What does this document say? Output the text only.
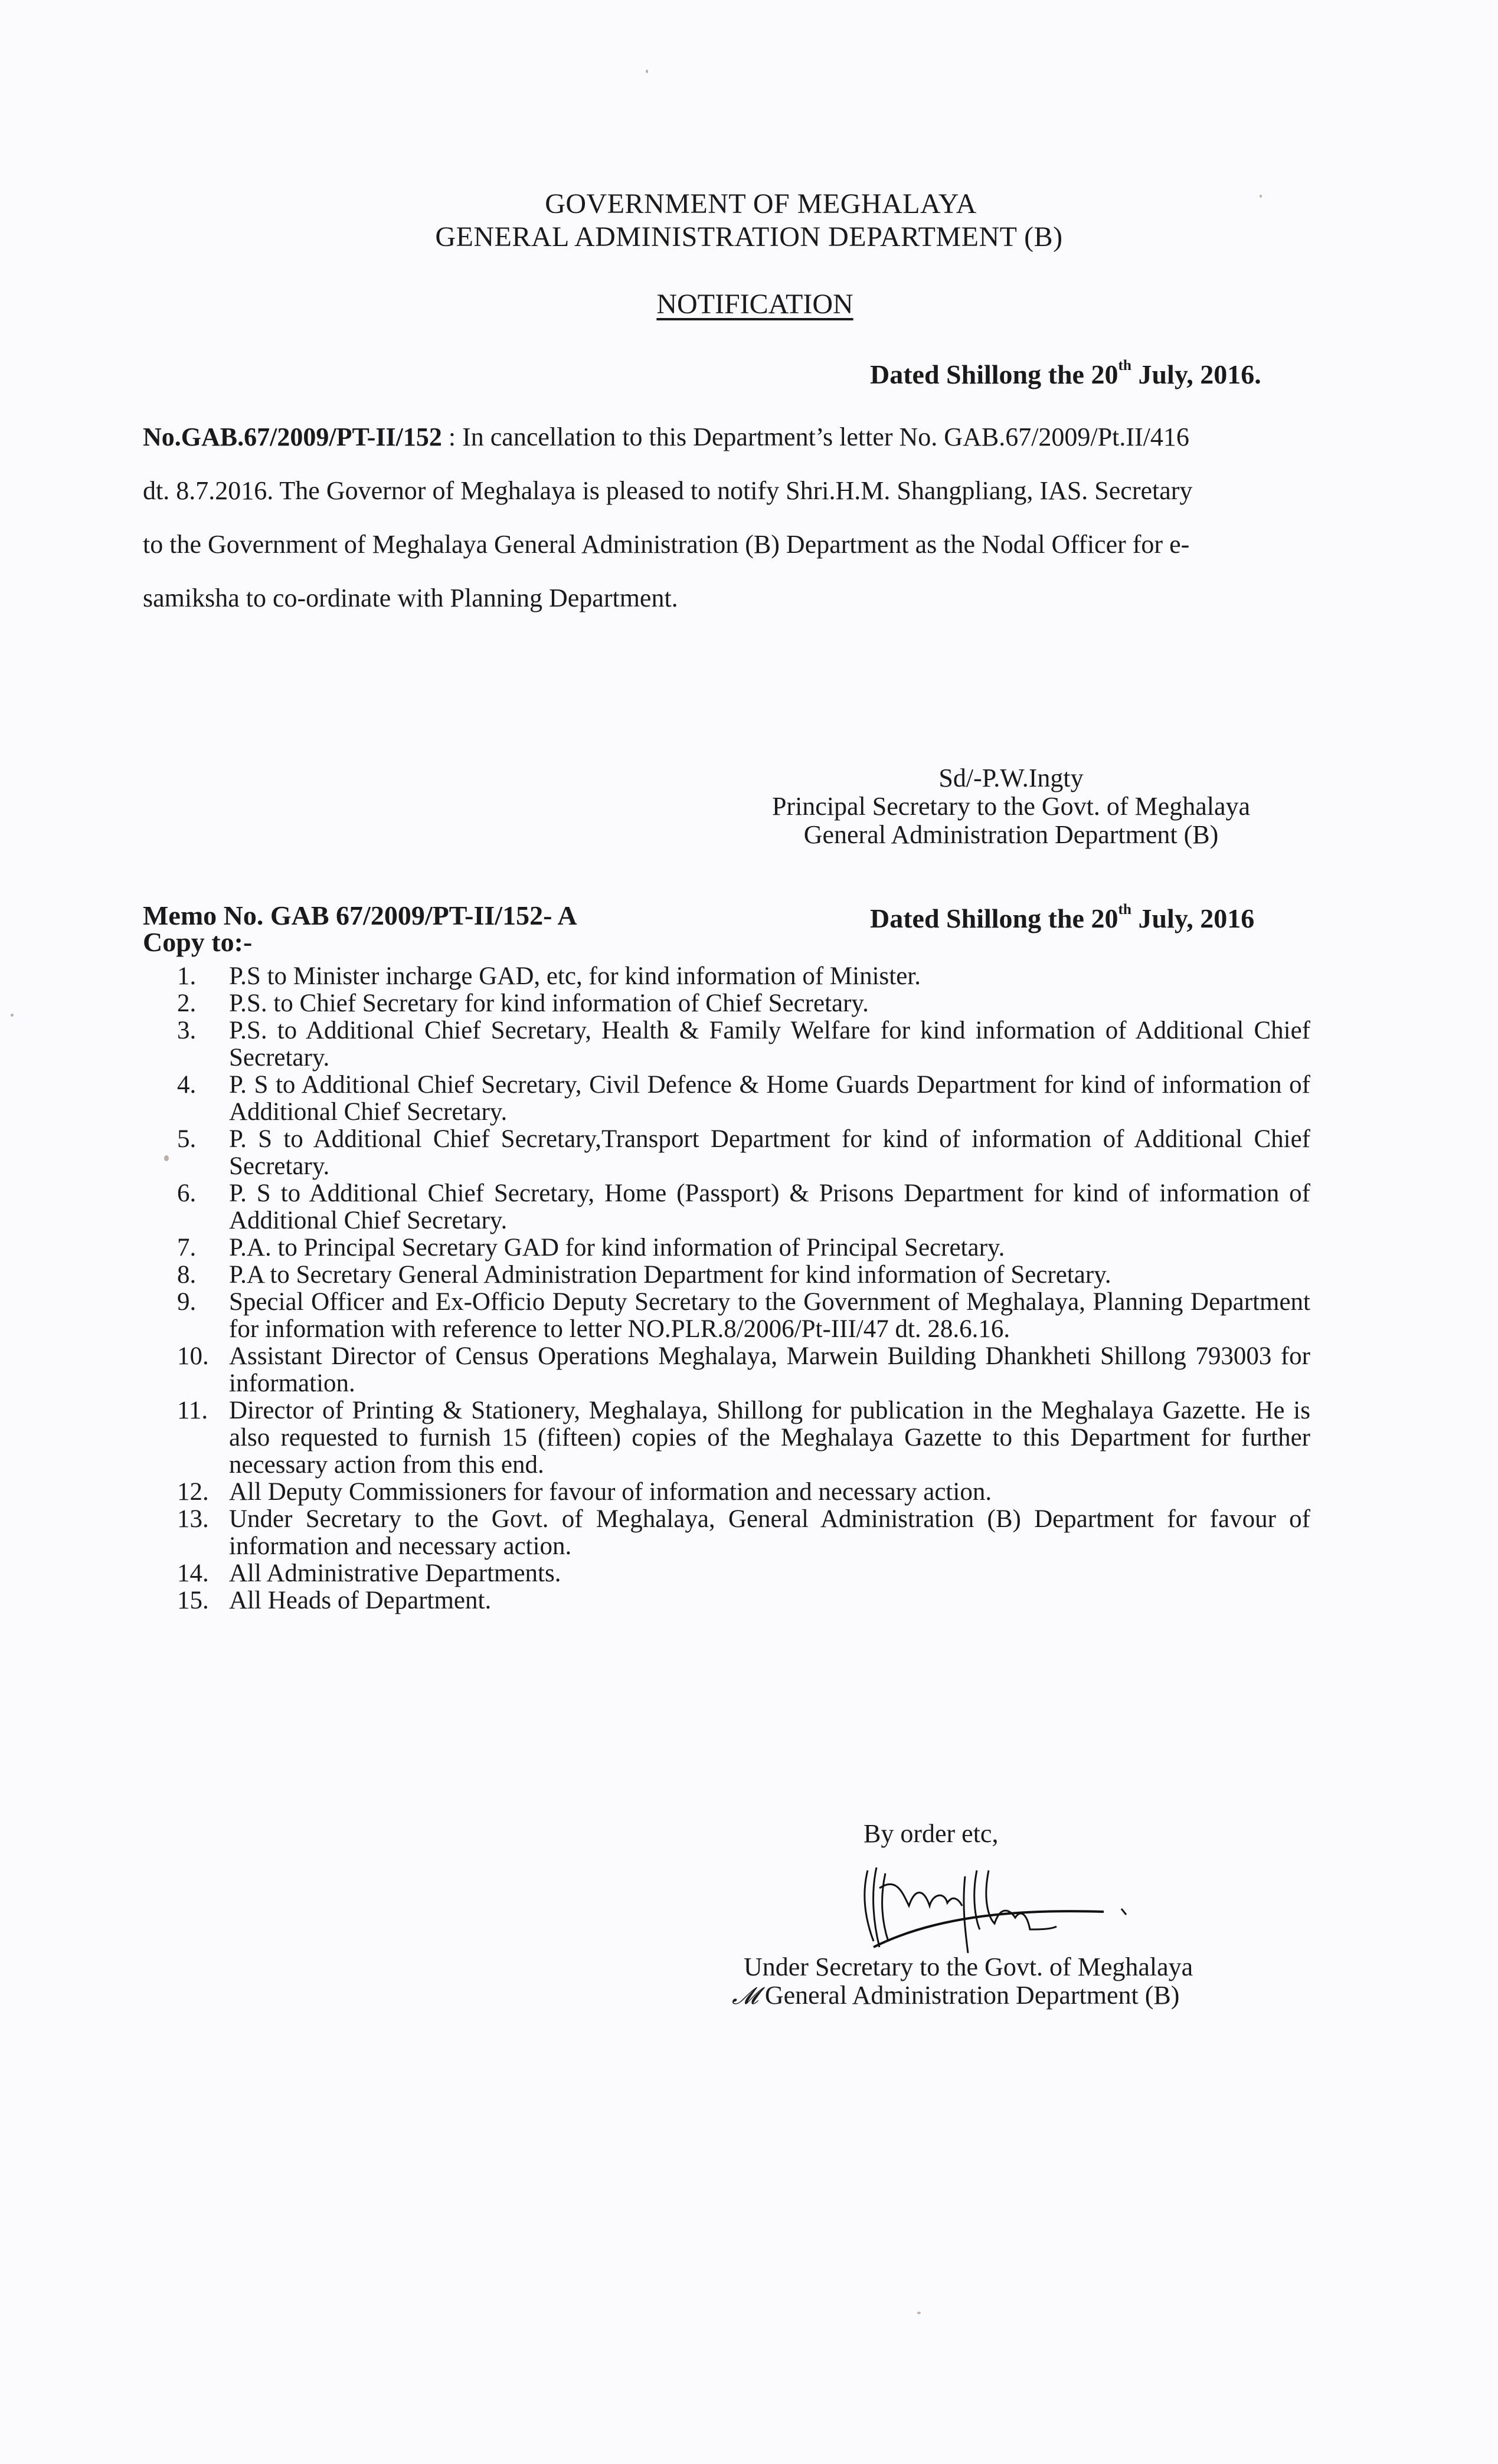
GOVERNMENT OF MEGHALAYA
GENERAL ADMINISTRATION DEPARTMENT (B)
NOTIFICATION
Dated Shillong the 20th July, 2016.
No.GAB.67/2009/PT-II/152 : In cancellation to this Department’s letter No. GAB.67/2009/Pt.II/416
dt. 8.7.2016. The Governor of Meghalaya is pleased to notify Shri.H.M. Shangpliang, IAS. Secretary
to the Government of Meghalaya General Administration (B) Department as the Nodal Officer for e-
samiksha to co-ordinate with Planning Department.
Sd/-P.W.Ingty
Principal Secretary to the Govt. of Meghalaya
General Administration Department (B)
Memo No. GAB 67/2009/PT-II/152- A	Dated Shillong the 20th July, 2016
Copy to:-
1. P.S to Minister incharge GAD, etc, for kind information of Minister.
2. P.S. to Chief Secretary for kind information of Chief Secretary.
3. P.S. to Additional Chief Secretary, Health & Family Welfare for kind information of Additional Chief Secretary.
4. P. S to Additional Chief Secretary, Civil Defence & Home Guards Department for kind of information of Additional Chief Secretary.
5. P. S to Additional Chief Secretary,Transport Department for kind of information of Additional Chief Secretary.
6. P. S to Additional Chief Secretary, Home (Passport) & Prisons Department for kind of information of Additional Chief Secretary.
7. P.A. to Principal Secretary GAD for kind information of Principal Secretary.
8. P.A to Secretary General Administration Department for kind information of Secretary.
9. Special Officer and Ex-Officio Deputy Secretary to the Government of Meghalaya, Planning Department for information with reference to letter NO.PLR.8/2006/Pt-III/47 dt. 28.6.16.
10. Assistant Director of Census Operations Meghalaya, Marwein Building Dhankheti Shillong 793003 for information.
11. Director of Printing & Stationery, Meghalaya, Shillong for publication in the Meghalaya Gazette. He is also requested to furnish 15 (fifteen) copies of the Meghalaya Gazette to this Department for further necessary action from this end.
12. All Deputy Commissioners for favour of information and necessary action.
13. Under Secretary to the Govt. of Meghalaya, General Administration (B) Department for favour of information and necessary action.
14. All Administrative Departments.
15. All Heads of Department.
By order etc,
Under Secretary to the Govt. of Meghalaya
𝓜 General Administration Department (B)
